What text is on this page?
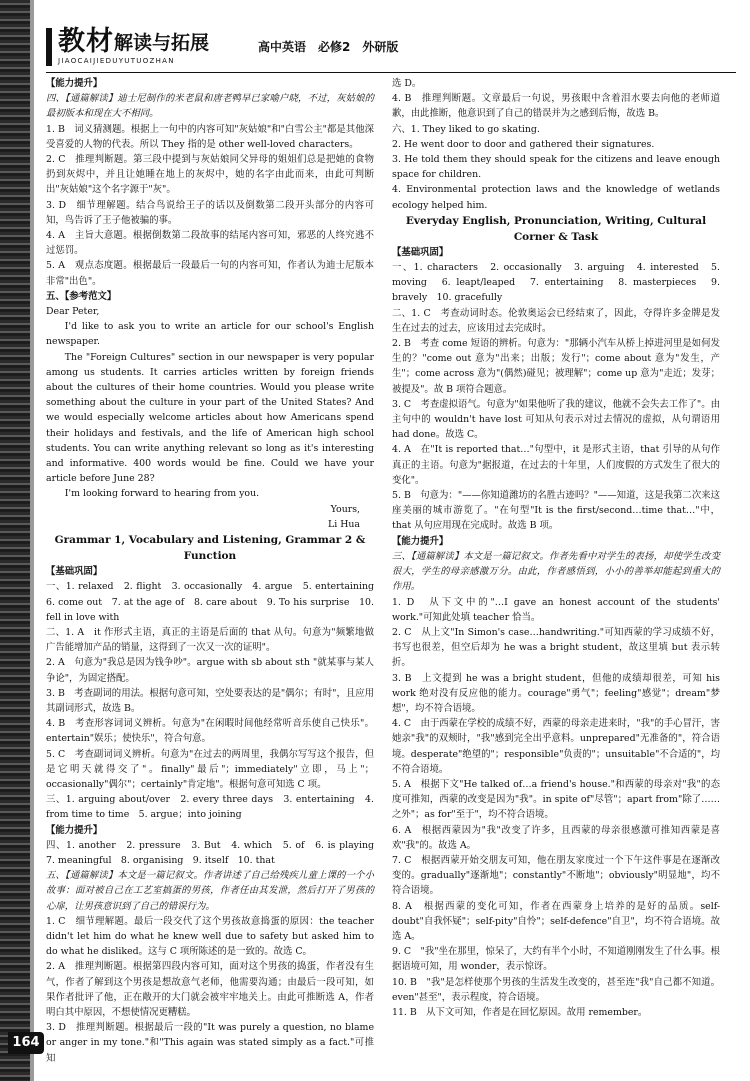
教材 解读与拓展
JIAOCAIJIEDUYUTUOZHAN
高中英语　必修2　外研版

【能力提升】

四、【通篇解读】迪士尼制作的米老鼠和唐老鸭早已家喻户晓，不过，灰姑娘的最初版本和现在大不相同。

1. B　词义猜测题。根据上一句中的内容可知"灰姑娘"和"白雪公主"都是其他深受喜爱的人物的代表。所以 They 指的是 other well-loved characters。

2. C　推理判断题。第三段中提到与灰姑娘同父异母的姐姐们总是把她的食物扔到灰烬中，并且让她睡在地上的灰烬中，她的名字由此而来，由此可判断出"灰姑娘"这个名字源于"灰"。

3. D　细节理解题。结合鸟说给王子的话以及倒数第二段开头部分的内容可知，鸟告诉了王子他被骗的事。

4. A　主旨大意题。根据倒数第二段故事的结尾内容可知，邪恶的人终究逃不过惩罚。

5. A　观点态度题。根据最后一段最后一句的内容可知，作者认为迪士尼版本非常"出色"。

五、【参考范文】

Dear Peter,

I'd like to ask you to write an article for our school's English newspaper.

The "Foreign Cultures" section in our newspaper is very popular among us students. It carries articles written by foreign friends about the cultures of their home countries. Would you please write something about the culture in your part of the United States? And we would especially welcome articles about how Americans spend their holidays and festivals, and the life of American high school students. You can write anything relevant so long as it's interesting and informative. 400 words would be fine. Could we have your article before June 28?

I'm looking forward to hearing from you.

Yours,

Li Hua

Grammar 1, Vocabulary and Listening, Grammar 2 & Function

【基础巩固】

一、1. relaxed　2. flight　3. occasionally　4. argue　5. entertaining　6. come out　7. at the age of　8. care about　9. To his surprise　10. fell in love with

二、1. A　it 作形式主语，真正的主语是后面的 that 从句。句意为"频繁地做广告能增加产品的销量，这得到了一次又一次的证明"。

2. A　句意为"我总是因为钱争吵"。argue with sb about sth "就某事与某人争论"，为固定搭配。

3. B　考查副词的用法。根据句意可知，空处要表达的是"偶尔；有时"，且应用其副词形式，故选 B。

4. B　考查形容词词义辨析。句意为"在闲暇时间他经常听音乐使自己快乐"。entertain"娱乐；使快乐"，符合句意。

5. C　考查副词词义辨析。句意为"在过去的两周里，我偶尔写写这个报告，但是它明天就得交了"。finally"最后"；immediately"立即，马上"；occasionally"偶尔"；certainly"肯定地"。根据句意可知选 C 项。

三、1. arguing about/over　2. every three days　3. entertaining　4. from time to time　5. argue；into joining

【能力提升】

四、1. another　2. pressure　3. But　4. which　5. of　6. is playing　7. meaningful　8. organising　9. itself　10. that

五、【通篇解读】本文是一篇记叙文。作者讲述了自己给残疾儿童上课的一个小故事：面对被自己在工艺室搞蛋的男孩，作者任由其发泄，然后打开了男孩的心扉，让男孩意识到了自己的错误行为。

1. C　细节理解题。最后一段交代了这个男孩故意捣蛋的原因：the teacher didn't let him do what he knew well due to safety but asked him to do what he disliked。这与 C 项所陈述的是一致的。故选 C。

2. A　推理判断题。根据第四段内容可知，面对这个男孩的捣蛋，作者没有生气，作者了解到这个男孩是想故意气老师，他需要沟通；由最后一段可知，如果作者批评了他，正在敞开的大门就会被牢牢地关上。由此可推断选 A，作者明白其中原因，不想使情况更糟糕。

3. D　推理判断题。根据最后一段的"It was purely a question, no blame or anger in my tone."和"This again was stated simply as a fact."可推知

选 D。

4. B　推理判断题。文章最后一句说，男孩眼中含着泪水要去向他的老师道歉，由此推断，他意识到了自己的错误并为之感到后悔，故选 B。

六、1. They liked to go skating.

2. He went door to door and gathered their signatures.

3. He told them they should speak for the citizens and leave enough space for children.

4. Environmental protection laws and the knowledge of wetlands ecology helped him.

Everyday English, Pronunciation, Writing, Cultural Corner & Task

【基础巩固】

一、1. characters　2. occasionally　3. arguing　4. interested　5. moving　6. leapt/leaped　7. entertaining　8. masterpieces　9. bravely　10. gracefully

二、1. C　考查动词时态。伦敦奥运会已经结束了，因此，夺得许多金牌是发生在过去的过去，应该用过去完成时。

2. B　考查 come 短语的辨析。句意为："那辆小汽车从桥上掉进河里是如何发生的？"come out 意为"出来；出版；发行"；come about 意为"发生，产生"；come across 意为"(偶然)碰见；被理解"；come up 意为"走近；发芽；被提及"。故 B 项符合题意。

3. C　考查虚拟语气。句意为"如果他听了我的建议，他就不会失去工作了"。由主句中的 wouldn't have lost 可知从句表示对过去情况的虚拟，从句谓语用 had done。故选 C。

4. A　在"It is reported that…"句型中，it 是形式主语，that 引导的从句作真正的主语。句意为"据报道，在过去的十年里，人们度假的方式发生了很大的变化"。

5. B　句意为："——你知道潍坊的名胜古迹吗？"——知道，这是我第二次来这座美丽的城市游览了。"在句型"It is the first/second…time that…"中，that 从句应用现在完成时。故选 B 项。

【能力提升】

三、【通篇解读】本文是一篇记叙文。作者先看中对学生的表扬，却使学生改变很大，学生的母亲感激万分。由此，作者感悟到，小小的善举却能起到重大的作用。

1. D　从下文中的"…I gave an honest account of the students' work."可知此处填 teacher 恰当。

2. C　从上文"In Simon's case…handwriting."可知西蒙的学习成绩不好，书写也很差，但空后却为 he was a bright student，故这里填 but 表示转折。

3. B　上文提到 he was a bright student，但他的成绩却很差，可知 his work 绝对没有反应他的能力。courage"勇气"；feeling"感觉"；dream"梦想"，均不符合语境。

4. C　由于西蒙在学校的成绩不好，西蒙的母亲走进来时，"我"的手心冒汗，害她亲"我"的双颊时，"我"感到完全出乎意料。unprepared"无准备的"，符合语境。desperate"绝望的"；responsible"负责的"；unsuitable"不合适的"，均不符合语境。

5. A　根据下文"He talked of…a friend's house."和西蒙的母亲对"我"的态度可推知，西蒙的改变是因为"我"。in spite of"尽管"；apart from"除了……之外"；as for"至于"，均不符合语境。

6. A　根据西蒙因为"我"改变了许多，且西蒙的母亲很感激可推知西蒙是喜欢"我"的。故选 A。

7. C　根据西蒙开始交朋友可知，他在朋友家度过一个下午这件事是在逐渐改变的。gradually"逐渐地"；constantly"不断地"；obviously"明显地"，均不符合语境。

8. A　根据西蒙的变化可知，作者在西蒙身上培养的是好的品质。self-doubt"自我怀疑"；self-pity"自怜"；self-defence"自卫"，均不符合语境。故选 A。

9. C　"我"坐在那里，惊呆了，大约有半个小时，不知道刚刚发生了什么事。根据语境可知，用 wonder，表示惊讶。

10. B　"我"是怎样使那个男孩的生活发生改变的，甚至连"我"自己都不知道。even"甚至"，表示程度，符合语境。

11. B　从下文可知，作者是在回忆原因。故用 remember。

164
